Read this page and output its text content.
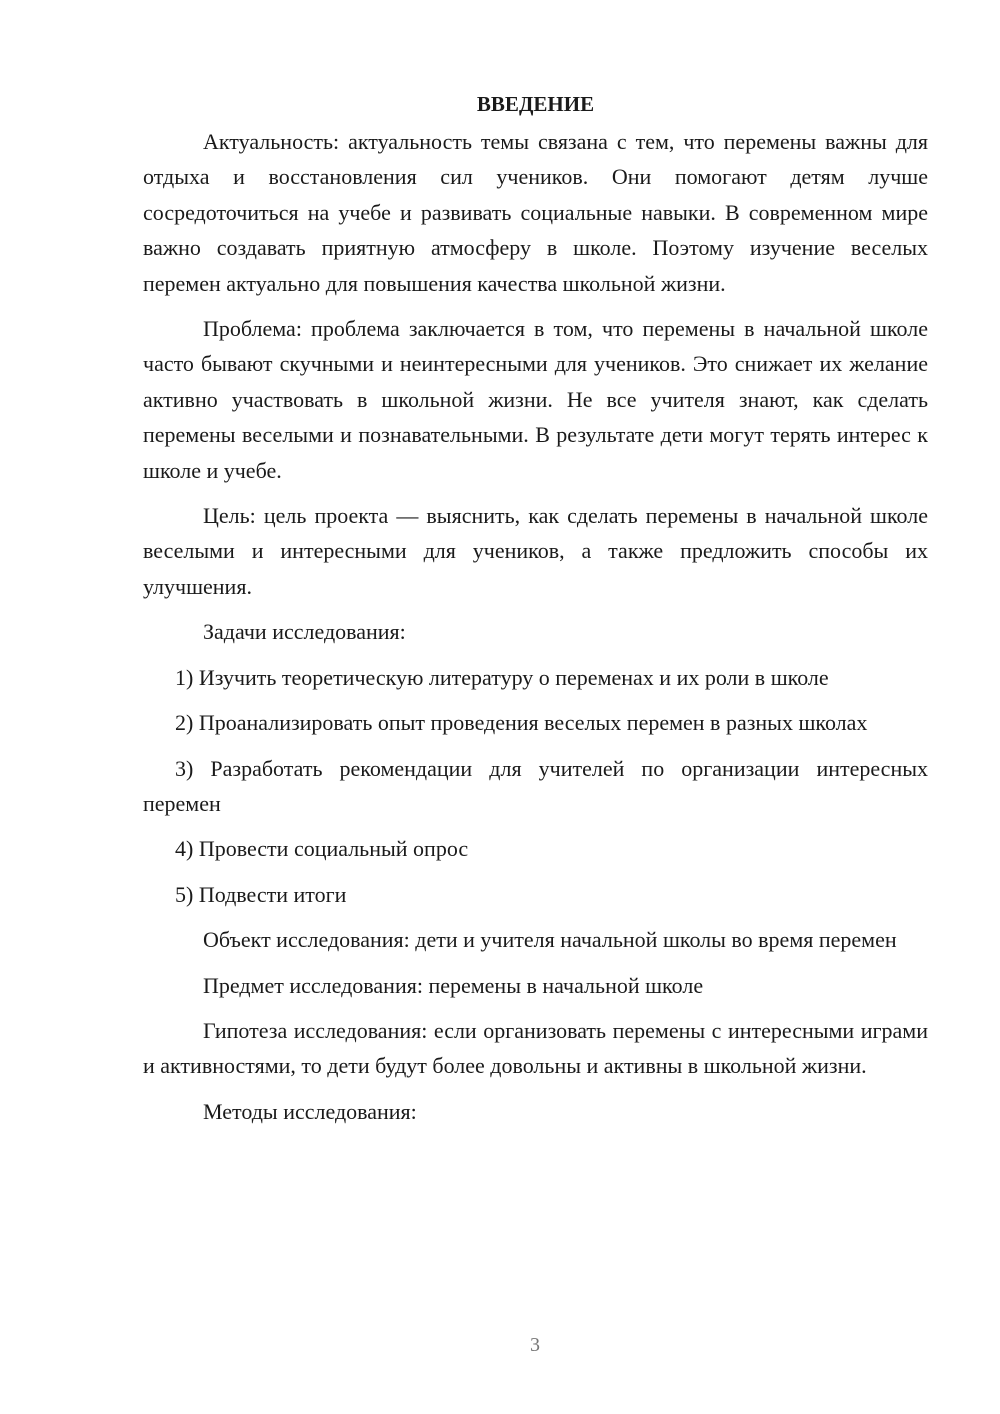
ВВЕДЕНИЕ

Актуальность: актуальность темы связана с тем, что перемены важны для отдыха и восстановления сил учеников. Они помогают детям лучше сосредоточиться на учебе и развивать социальные навыки. В современном мире важно создавать приятную атмосферу в школе. Поэтому изучение веселых перемен актуально для повышения качества школьной жизни.

Проблема: проблема заключается в том, что перемены в начальной школе часто бывают скучными и неинтересными для учеников. Это снижает их желание активно участвовать в школьной жизни. Не все учителя знают, как сделать перемены веселыми и познавательными. В результате дети могут терять интерес к школе и учебе.

Цель: цель проекта — выяснить, как сделать перемены в начальной школе веселыми и интересными для учеников, а также предложить способы их улучшения.

Задачи исследования:

1) Изучить теоретическую литературу о переменах и их роли в школе

2) Проанализировать опыт проведения веселых перемен в разных школах

3) Разработать рекомендации для учителей по организации интересных перемен

4) Провести социальный опрос

5) Подвести итоги

Объект исследования: дети и учителя начальной школы во время перемен

Предмет исследования: перемены в начальной школе

Гипотеза исследования: если организовать перемены с интересными играми и активностями, то дети будут более довольны и активны в школьной жизни.

Методы исследования:

3
